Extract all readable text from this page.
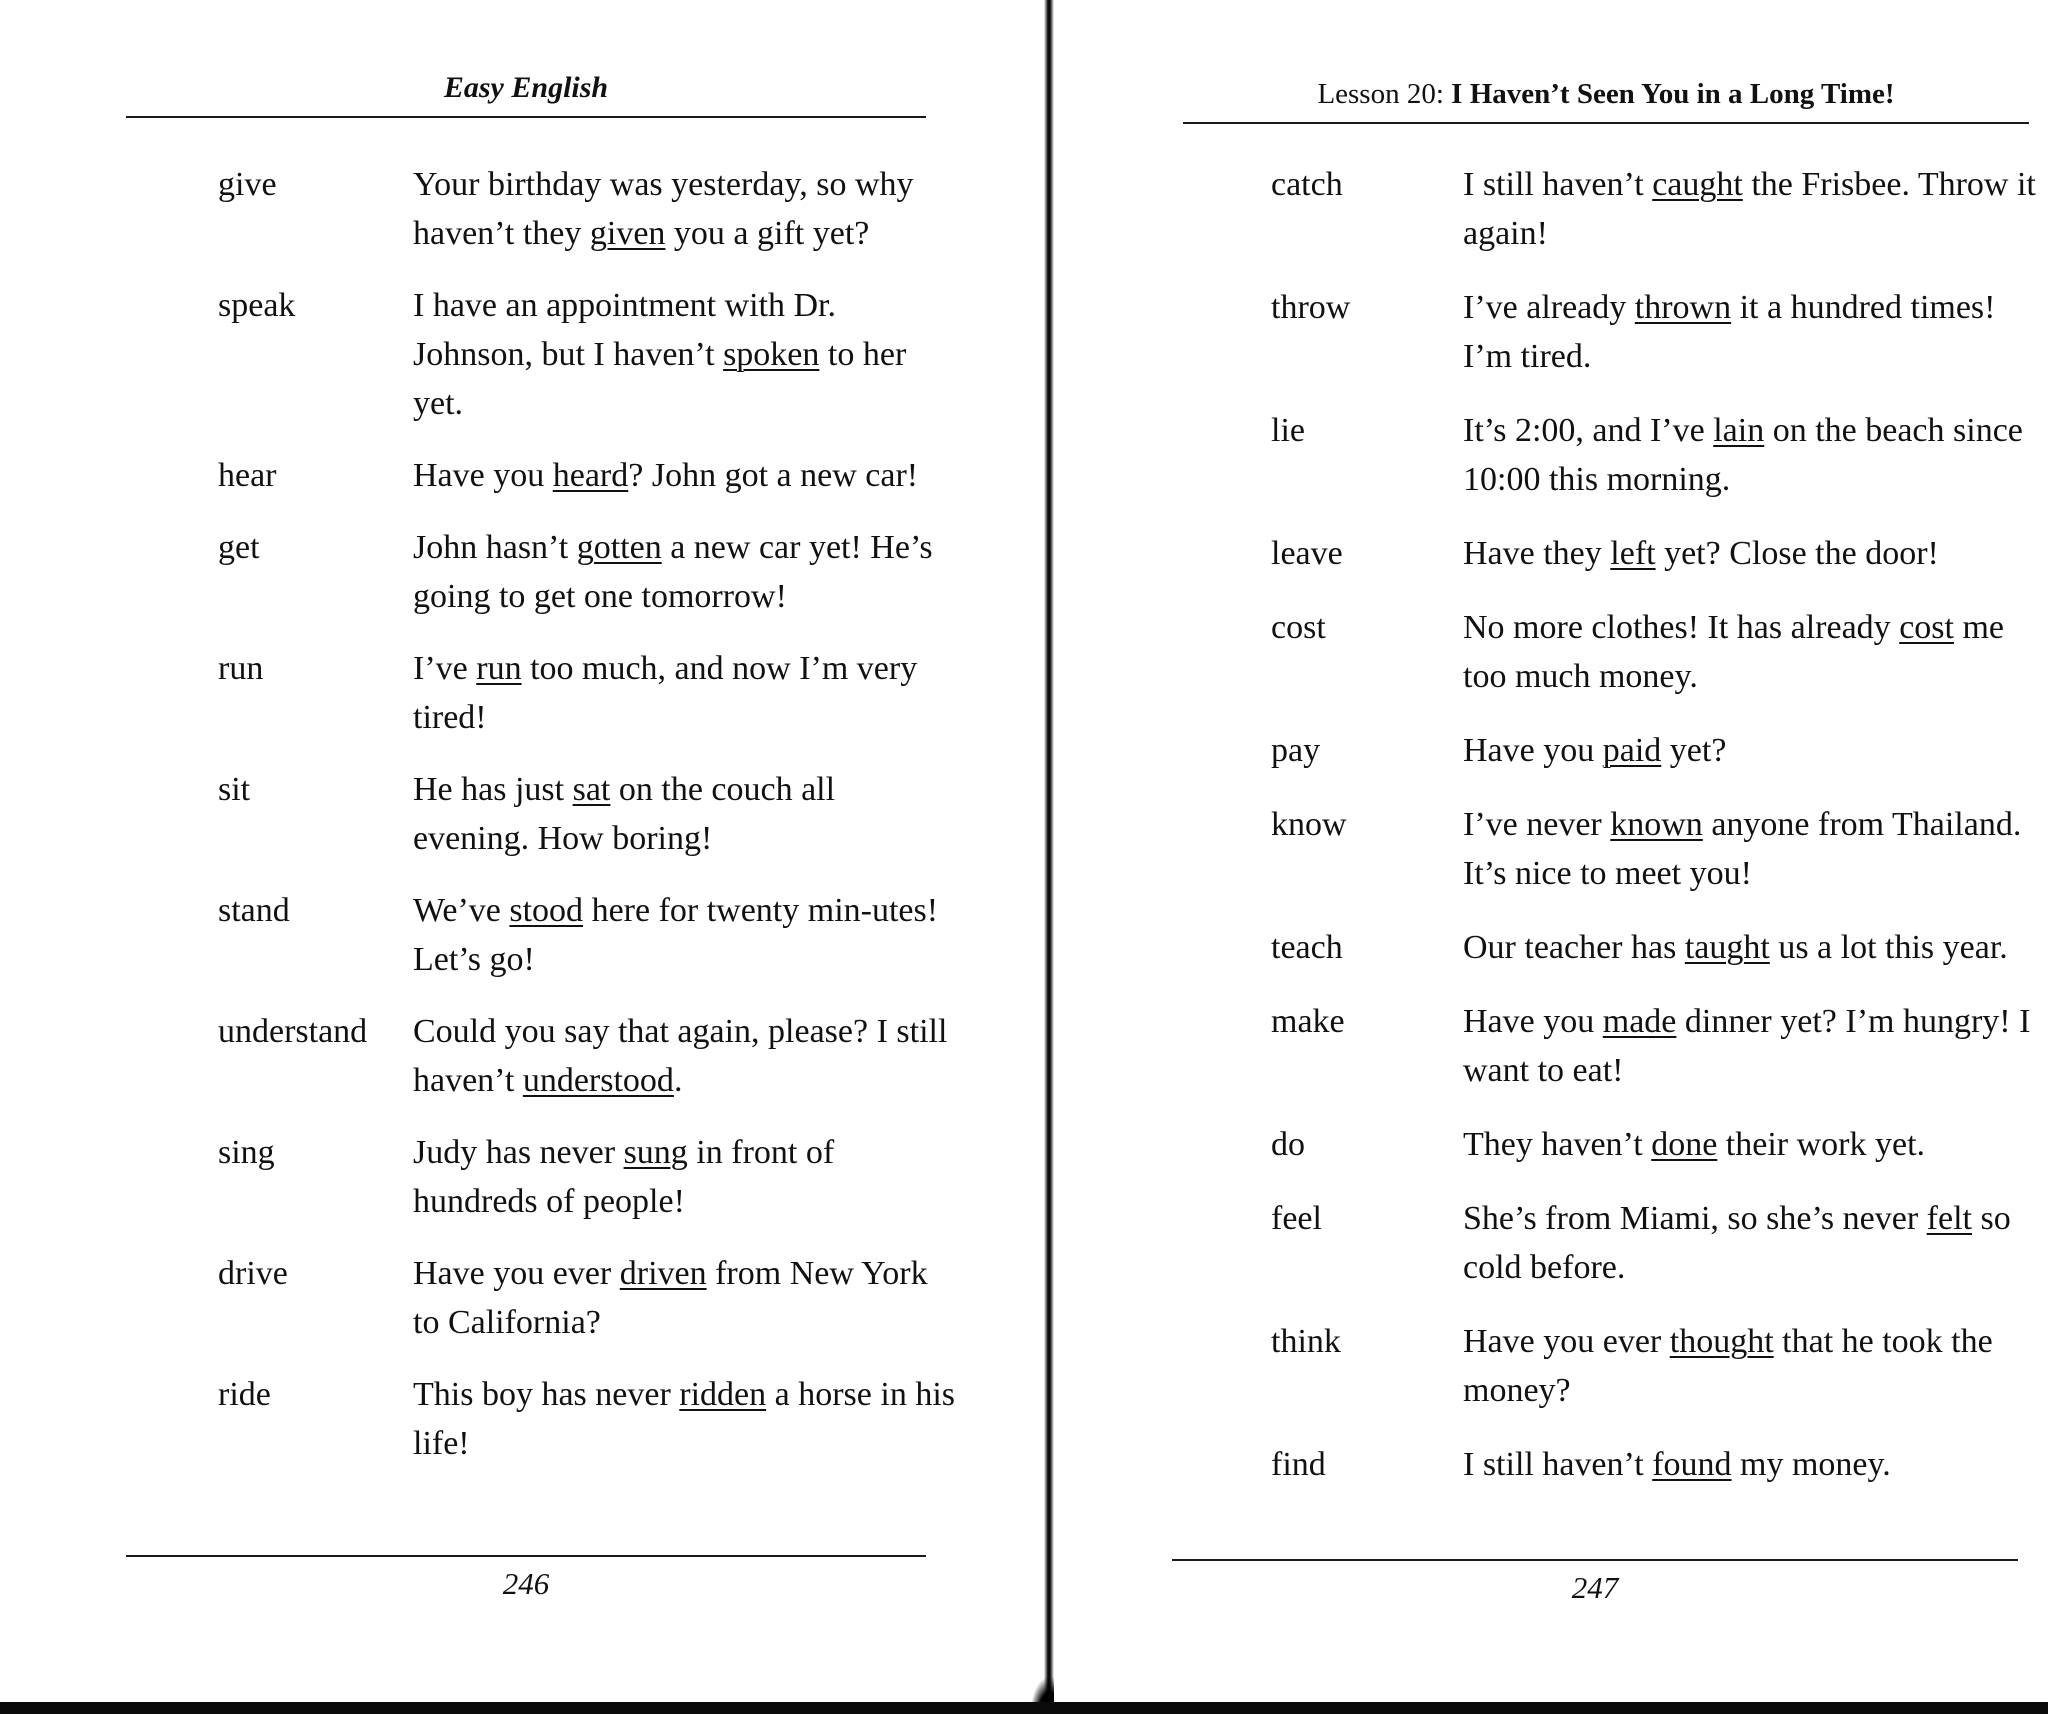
Easy English
give	Your birthday was yesterday, so why haven’t they given you a gift yet?
speak	I have an appointment with Dr. Johnson, but I haven’t spoken to her yet.
hear	Have you heard? John got a new car!
get	John hasn’t gotten a new car yet! He’s going to get one tomorrow!
run	I’ve run too much, and now I’m very tired!
sit	He has just sat on the couch all evening. How boring!
stand	We’ve stood here for twenty min-utes! Let’s go!
understand Could you say that again, please? I still haven’t understood.
sing	Judy has never sung in front of hundreds of people!
drive	Have you ever driven from New York to California?
ride	This boy has never ridden a horse in his life!
246
Lesson 20: I Haven’t Seen You in a Long Time!
catch	I still haven’t caught the Frisbee. Throw it again!
throw	I’ve already thrown it a hundred times! I’m tired.
lie	It’s 2:00, and I’ve lain on the beach since 10:00 this morning.
leave	Have they left yet? Close the door!
cost	No more clothes! It has already cost me too much money.
pay	Have you paid yet?
know	I’ve never known anyone from Thailand. It’s nice to meet you!
teach	Our teacher has taught us a lot this year.
make	Have you made dinner yet? I’m hungry! I want to eat!
do	They haven’t done their work yet.
feel	She’s from Miami, so she’s never felt so cold before.
think	Have you ever thought that he took the money?
find	I still haven’t found my money.
247
